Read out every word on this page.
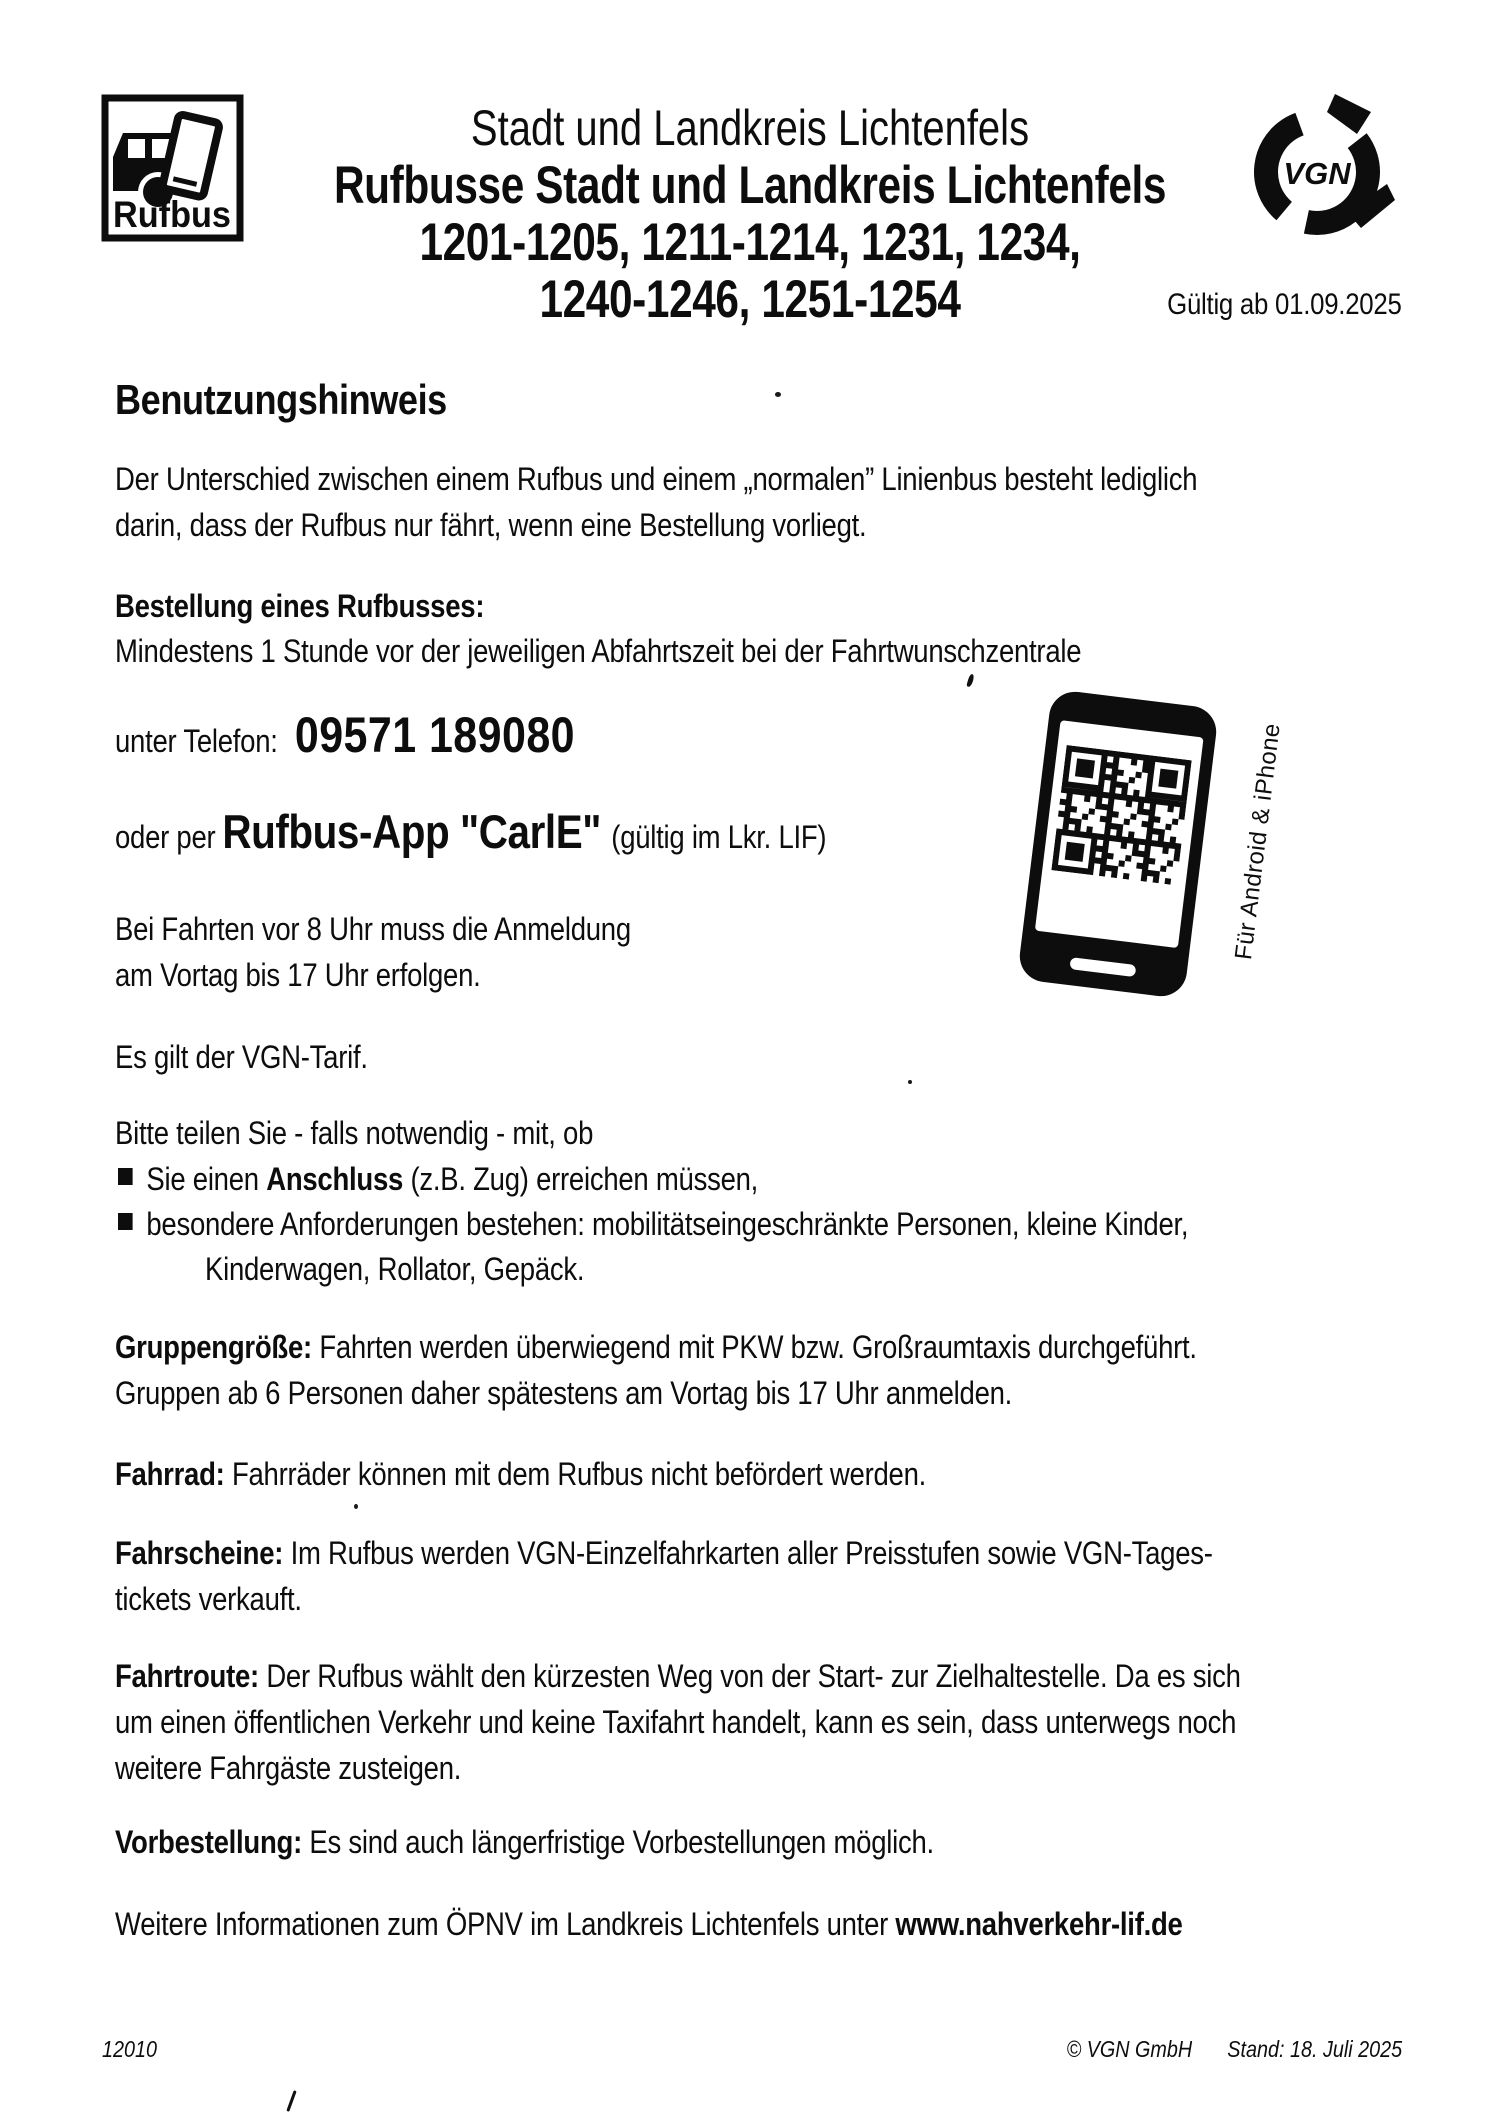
Rufbus
Stadt und Landkreis Lichtenfels
Rufbusse Stadt und Landkreis Lichtenfels
1201-1205, 1211-1214, 1231, 1234,
1240-1246, 1251-1254
VGN
Gültig ab 01.09.2025
Benutzungshinweis
Der Unterschied zwischen einem Rufbus und einem „normalen” Linienbus besteht lediglich
darin, dass der Rufbus nur fährt, wenn eine Bestellung vorliegt.
Bestellung eines Rufbusses:
Mindestens 1 Stunde vor der jeweiligen Abfahrtszeit bei der Fahrtwunschzentrale
unter Telefon: 09571 189080
oder per Rufbus-App "CarlE" (gültig im Lkr. LIF)
Bei Fahrten vor 8 Uhr muss die Anmeldung
am Vortag bis 17 Uhr erfolgen.
Für Android & iPhone
Es gilt der VGN-Tarif.
Bitte teilen Sie - falls notwendig - mit, ob
Sie einen Anschluss (z.B. Zug) erreichen müssen,
besondere Anforderungen bestehen: mobilitätseingeschränkte Personen, kleine Kinder,
Kinderwagen, Rollator, Gepäck.
Gruppengröße: Fahrten werden überwiegend mit PKW bzw. Großraumtaxis durchgeführt.
Gruppen ab 6 Personen daher spätestens am Vortag bis 17 Uhr anmelden.
Fahrrad: Fahrräder können mit dem Rufbus nicht befördert werden.
Fahrscheine: Im Rufbus werden VGN-Einzelfahrkarten aller Preisstufen sowie VGN-Tages-
tickets verkauft.
Fahrtroute: Der Rufbus wählt den kürzesten Weg von der Start- zur Zielhaltestelle. Da es sich
um einen öffentlichen Verkehr und keine Taxifahrt handelt, kann es sein, dass unterwegs noch
weitere Fahrgäste zusteigen.
Vorbestellung: Es sind auch längerfristige Vorbestellungen möglich.
Weitere Informationen zum ÖPNV im Landkreis Lichtenfels unter www.nahverkehr-lif.de
12010	© VGN GmbH Stand: 18. Juli 2025
